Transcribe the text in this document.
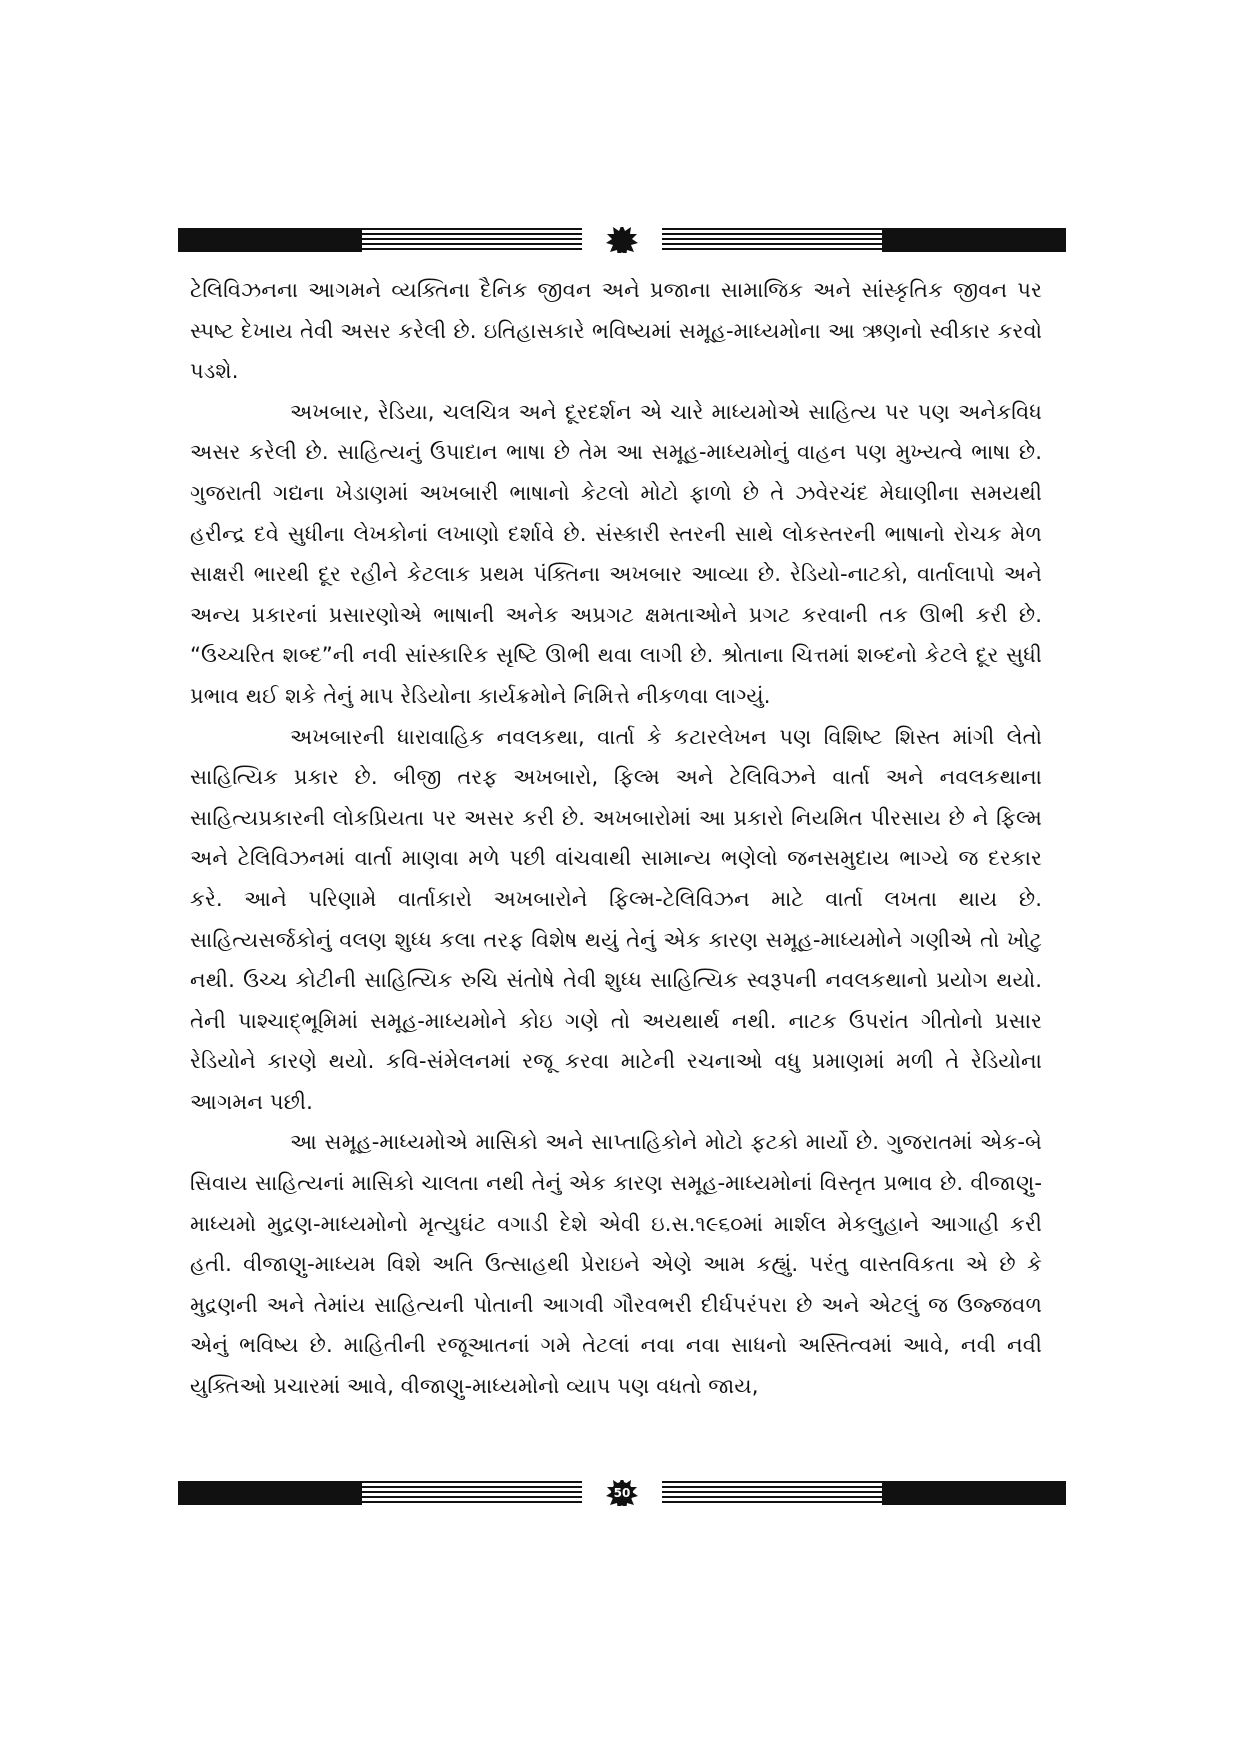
ટેલિવિઝનના આગમને વ્યક્તિના દૈનિક જીવન અને પ્રજાના સામાજિક અને સાંસ્કૃતિક જીવન પર સ્પષ્ટ દેખાય તેવી અસર કરેલી છે. ઇતિહાસકારે ભવિષ્યમાં સમૂહ-માધ્યમોના આ ઋણનો સ્વીકાર કરવો પડશે.

અખબાર, રેડિયા, ચલચિત્ર અને દૂરદર્શન એ ચારે માધ્યમોએ સાહિત્ય પર પણ અનેકવિધ અસર કરેલી છે. સાહિત્યનું ઉપાદાન ભાષા છે તેમ આ સમૂહ-માધ્યમોનું વાહન પણ મુખ્યત્વે ભાષા છે. ગુજરાતી ગદ્યના ખેડાણમાં અખબારી ભાષાનો કેટલો મોટો ફાળો છે તે ઝવેરચંદ મેઘાણીના સમયથી હરીન્દ્ર દવે સુધીના લેખકોનાં લખાણો દર્શાવે છે. સંસ્કારી સ્તરની સાથે લોકસ્તરની ભાષાનો રોચક મેળ સાક્ષરી ભારથી દૂર રહીને કેટલાક પ્રથમ પંક્તિના અખબાર આવ્યા છે. રેડિયો-નાટકો, વાર્તાલાપો અને અન્ય પ્રકારનાં પ્રસારણોએ ભાષાની અનેક અપ્રગટ ક્ષમતાઓને પ્રગટ કરવાની તક ઊભી કરી છે. “ઉચ્ચરિત શબ્દ”ની નવી સાંસ્કારિક સૃષ્ટિ ઊભી થવા લાગી છે. શ્રોતાના ચિત્તમાં શબ્દનો કેટલે દૂર સુધી પ્રભાવ થઈ શકે તેનું માપ રેડિયોના કાર્યક્રમોને નિમિત્તે નીકળવા લાગ્યું.

અખબારની ધારાવાહિક નવલકથા, વાર્તા કે કટારલેખન પણ વિશિષ્ટ શિસ્ત માંગી લેતો સાહિત્યિક પ્રકાર છે. બીજી તરફ અખબારો, ફિલ્મ અને ટેલિવિઝને વાર્તા અને નવલકથાના સાહિત્યપ્રકારની લોકપ્રિયતા પર અસર કરી છે. અખબારોમાં આ પ્રકારો નિયમિત પીરસાય છે ને ફિલ્મ અને ટેલિવિઝનમાં વાર્તા માણવા મળે પછી વાંચવાથી સામાન્ય ભણેલો જનસમુદાય ભાગ્યે જ દરકાર કરે. આને પરિણામે વાર્તાકારો અખબારોને ફિલ્મ-ટેલિવિઝન માટે વાર્તા લખતા થાય છે. સાહિત્યસર્જકોનું વલણ શુધ્ધ કલા તરફ વિશેષ થયું તેનું એક કારણ સમૂહ-માધ્યમોને ગણીએ તો ખોટુ નથી. ઉચ્ચ કોટીની સાહિત્યિક રુચિ સંતોષે તેવી શુધ્ધ સાહિત્યિક સ્વરૂપની નવલકથાનો પ્રયોગ થયો. તેની પાશ્ચાદ્‌ભૂમિમાં સમૂહ-માધ્યમોને કોઇ ગણે તો અયથાર્થ નથી. નાટક ઉપરાંત ગીતોનો પ્રસાર રેડિયોને કારણે થયો. કવિ-સંમેલનમાં રજૂ કરવા માટેની રચનાઓ વધુ પ્રમાણમાં મળી તે રેડિયોના આગમન પછી.

આ સમૂહ-માધ્યમોએ માસિકો અને સાપ્તાહિકોને મોટો ફટકો માર્યો છે. ગુજરાતમાં એક-બે સિવાય સાહિત્યનાં માસિકો ચાલતા નથી તેનું એક કારણ સમૂહ-માધ્યમોનાં વિસ્તૃત પ્રભાવ છે. વીજાણુ-માધ્યમો મુદ્રણ-માધ્યમોનો મૃત્યુઘંટ વગાડી દેશે એવી ઇ.સ.૧૯૬૦માં માર્શલ મેકલુહાને આગાહી કરી હતી. વીજાણુ-માધ્યમ વિશે અતિ ઉત્સાહથી પ્રેરાઇને એણે આમ કહ્યું. પરંતુ વાસ્તવિકતા એ છે કે મુદ્રણની અને તેમાંય સાહિત્યની પોતાની આગવી ગૌરવભરી દીર્ઘપરંપરા છે અને એટલું જ ઉજ્જવળ એનું ભવિષ્ય છે. માહિતીની રજૂઆતનાં ગમે તેટલાં નવા નવા સાધનો અસ્તિત્વમાં આવે, નવી નવી યુક્તિઓ પ્રચારમાં આવે, વીજાણુ-માધ્યમોનો વ્યાપ પણ વધતો જાય,

50
